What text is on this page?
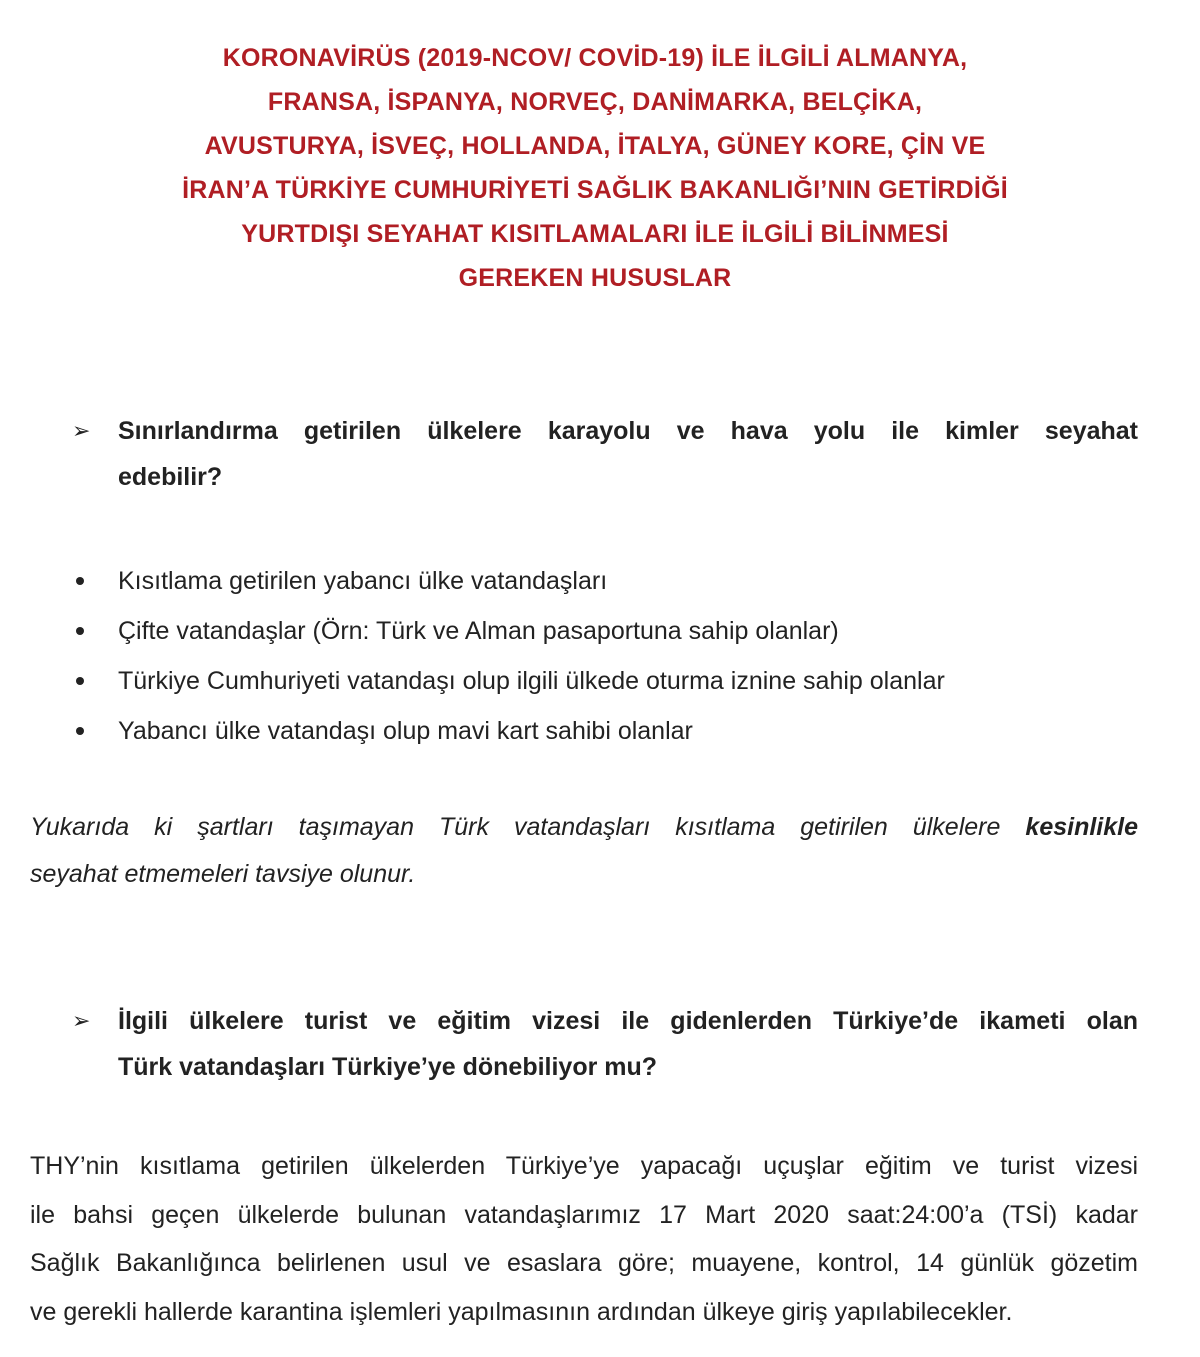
KORONAVİRÜS (2019-NCOV/ COVİD-19) İLE İLGİLİ ALMANYA,
FRANSA, İSPANYA, NORVEÇ, DANİMARKA, BELÇİKA,
AVUSTURYA, İSVEÇ, HOLLANDA, İTALYA, GÜNEY KORE, ÇİN VE
İRAN’A TÜRKİYE CUMHURİYETİ SAĞLIK BAKANLIĞI’NIN GETİRDİĞİ
YURTDIŞI SEYAHAT KISITLAMALARI İLE İLGİLİ BİLİNMESİ
GEREKEN HUSUSLAR
➢	Sınırlandırma getirilen ülkelere karayolu ve hava yolu ile kimler seyahat
edebilir?
Kısıtlama getirilen yabancı ülke vatandaşları
Çifte vatandaşlar (Örn: Türk ve Alman pasaportuna sahip olanlar)
Türkiye Cumhuriyeti vatandaşı olup ilgili ülkede oturma iznine sahip olanlar
Yabancı ülke vatandaşı olup mavi kart sahibi olanlar
Yukarıda ki şartları taşımayan Türk vatandaşları kısıtlama getirilen ülkelere kesinlikle
seyahat etmemeleri tavsiye olunur.
➢	İlgili ülkelere turist ve eğitim vizesi ile gidenlerden Türkiye’de ikameti olan
Türk vatandaşları Türkiye’ye dönebiliyor mu?
THY’nin kısıtlama getirilen ülkelerden Türkiye’ye yapacağı uçuşlar eğitim ve turist vizesi
ile bahsi geçen ülkelerde bulunan vatandaşlarımız 17 Mart 2020 saat:24:00’a (TSİ) kadar
Sağlık Bakanlığınca belirlenen usul ve esaslara göre; muayene, kontrol, 14 günlük gözetim
ve gerekli hallerde karantina işlemleri yapılmasının ardından ülkeye giriş yapılabilecekler.
